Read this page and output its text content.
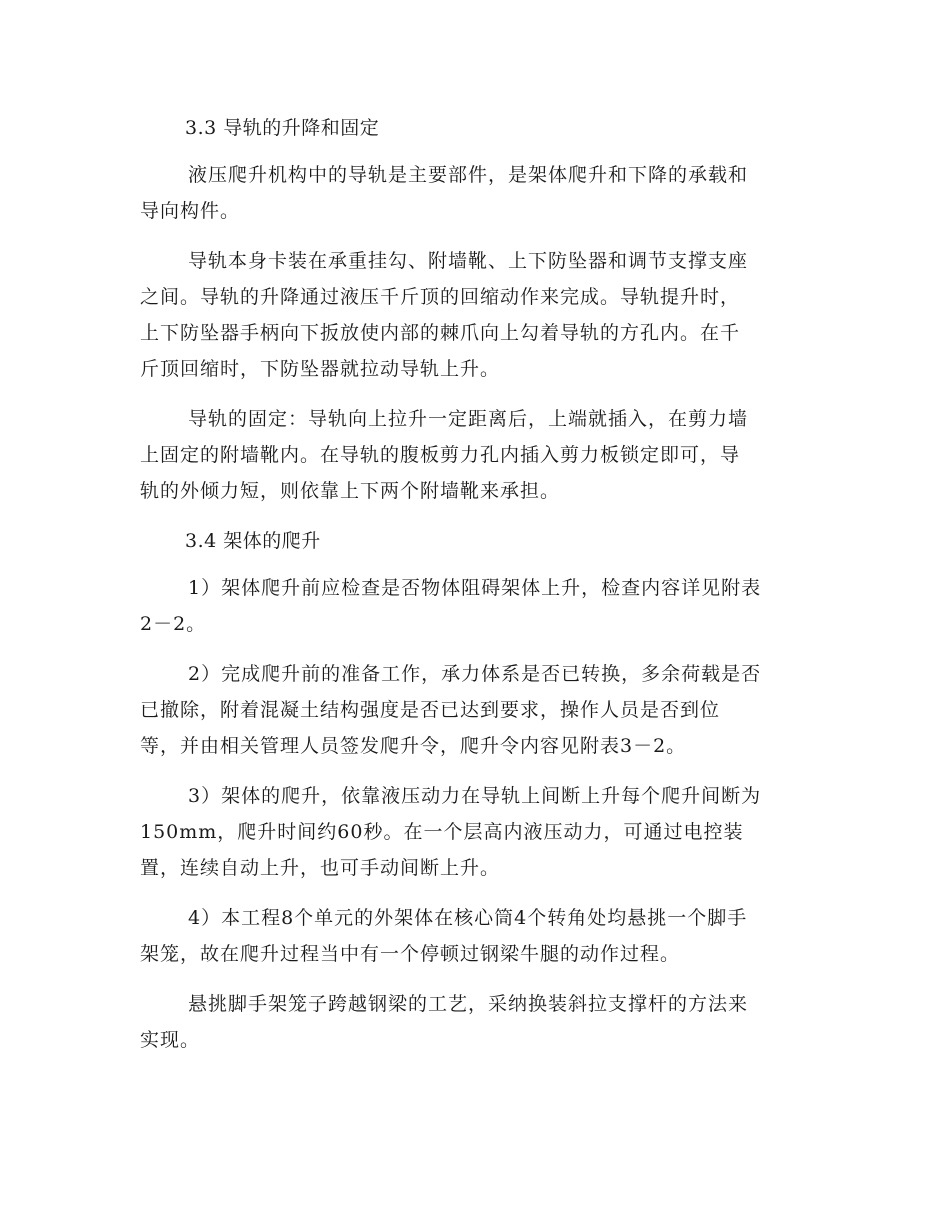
3.3 导轨的升降和固定
液压爬升机构中的导轨是主要部件，是架体爬升和下降的承载和
导向构件。
导轨本身卡装在承重挂勾、附墙靴、上下防坠器和调节支撑支座
之间。导轨的升降通过液压千斤顶的回缩动作来完成。导轨提升时，
上下防坠器手柄向下扳放使内部的棘爪向上勾着导轨的方孔内。在千
斤顶回缩时，下防坠器就拉动导轨上升。
导轨的固定：导轨向上拉升一定距离后，上端就插入，在剪力墙
上固定的附墙靴内。在导轨的腹板剪力孔内插入剪力板锁定即可，导
轨的外倾力短，则依靠上下两个附墙靴来承担。
3.4 架体的爬升
1）架体爬升前应检查是否物体阻碍架体上升，检查内容详见附表
2－2。
2）完成爬升前的准备工作，承力体系是否已转换，多余荷载是否
已撤除，附着混凝土结构强度是否已达到要求，操作人员是否到位
等，并由相关管理人员签发爬升令，爬升令内容见附表3－2。
3）架体的爬升，依靠液压动力在导轨上间断上升每个爬升间断为
150mm，爬升时间约60秒。在一个层高内液压动力，可通过电控装
置，连续自动上升，也可手动间断上升。
4）本工程8个单元的外架体在核心筒4个转角处均悬挑一个脚手
架笼，故在爬升过程当中有一个停顿过钢梁牛腿的动作过程。
悬挑脚手架笼子跨越钢梁的工艺，采纳换装斜拉支撑杆的方法来
实现。
